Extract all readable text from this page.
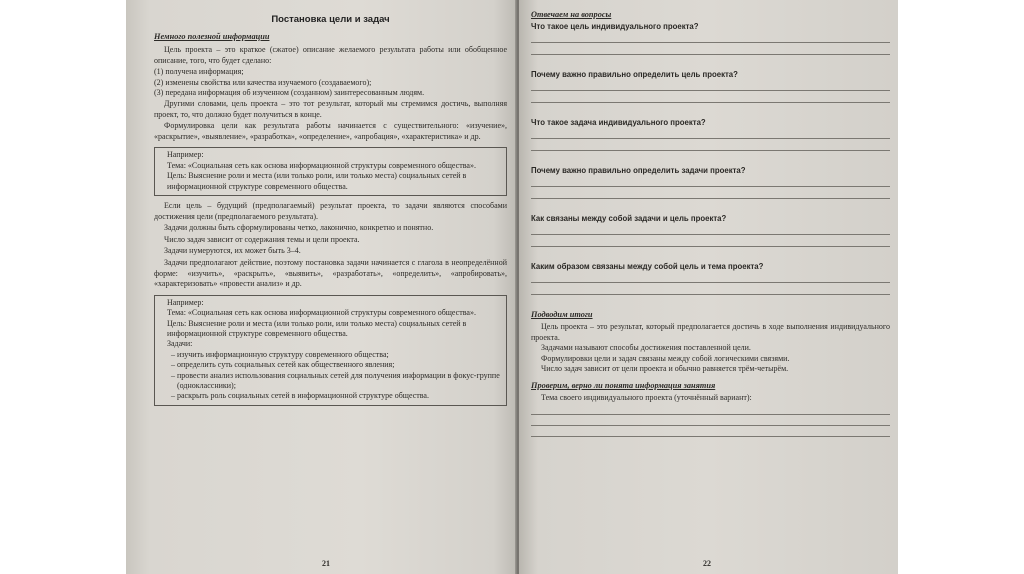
Постановка цели и задач
Немного полезной информации
Цель проекта – это краткое (сжатое) описание желаемого результата работы или обобщенное описание, того, что будет сделано:
(1) получена информация;
(2) изменены свойства или качества изучаемого (создаваемого);
(3) передана информация об изученном (созданном) заинтересованным людям.
Другими словами, цель проекта – это тот результат, который мы стремимся достичь, выполняя проект, то, что должно будет получиться в конце.
Формулировка цели как результата работы начинается с существительного: «изучение», «раскрытие», «выявление», «разработка», «определение», «апробация», «характеристика» и др.
Например:
Тема: «Социальная сеть как основа информационной структуры современного общества».
Цель: Выяснение роли и места (или только роли, или только места) социальных сетей в информационной структуре современного общества.
Если цель – будущий (предполагаемый) результат проекта, то задачи являются способами достижения цели (предполагаемого результата).
Задачи должны быть сформулированы четко, лаконично, конкретно и понятно.
Число задач зависит от содержания темы и цели проекта.
Задачи нумеруются, их может быть 3–4.
Задачи предполагают действие, поэтому постановка задачи начинается с глагола в неопределённой форме: «изучить», «раскрыть», «выявить», «разработать», «определить», «апробировать», «характеризовать» «провести анализ» и др.
Например:
Тема: «Социальная сеть как основа информационной структуры современного общества».
Цель: Выяснение роли и места (или только роли, или только места) социальных сетей в информационной структуре современного общества.
Задачи:
– изучить информационную структуру современного общества;
– определить суть социальных сетей как общественного явления;
– провести анализ использования социальных сетей для получения информации в фокус-группе (одноклассники);
– раскрыть роль социальных сетей в информационной структуре общества.
21
Отвечаем на вопросы
Что такое цель индивидуального проекта?
Почему важно правильно определить цель проекта?
Что такое задача индивидуального проекта?
Почему важно правильно определить задачи проекта?
Как связаны между собой задачи и цель проекта?
Каким образом связаны между собой цель и тема проекта?
Подводим итоги
Цель проекта – это результат, который предполагается достичь в ходе выполнения индивидуального проекта.
Задачами называют способы достижения поставленной цели.
Формулировки цели и задач связаны между собой логическими связями.
Число задач зависит от цели проекта и обычно равняется трём-четырём.
Проверим, верно ли понята информация занятия
Тема своего индивидуального проекта (уточнённый вариант):
22
